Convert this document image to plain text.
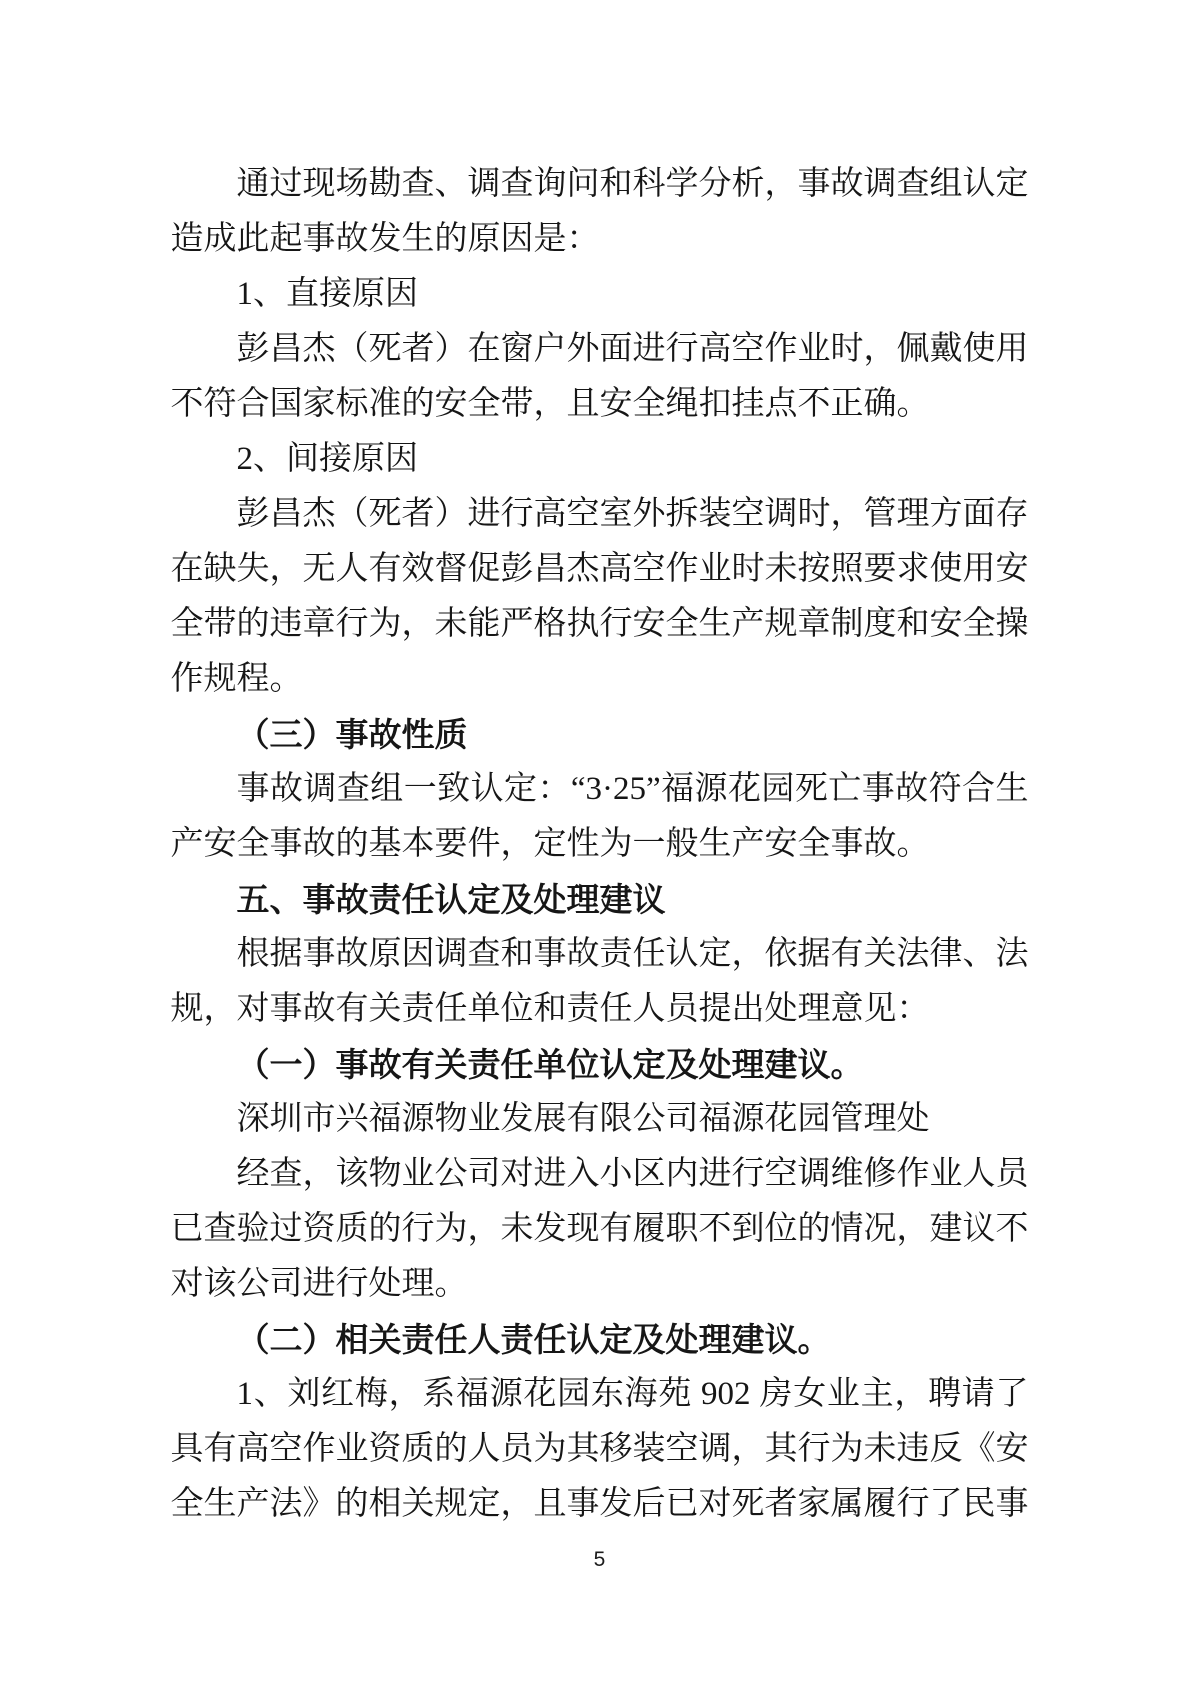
通过现场勘查、调查询问和科学分析，事故调查组认定造成此起事故发生的原因是：

1、直接原因

彭昌杰（死者）在窗户外面进行高空作业时，佩戴使用不符合国家标准的安全带，且安全绳扣挂点不正确。

2、间接原因

彭昌杰（死者）进行高空室外拆装空调时，管理方面存在缺失，无人有效督促彭昌杰高空作业时未按照要求使用安全带的违章行为，未能严格执行安全生产规章制度和安全操作规程。

（三）事故性质

事故调查组一致认定：“3·25”福源花园死亡事故符合生产安全事故的基本要件，定性为一般生产安全事故。

五、事故责任认定及处理建议

根据事故原因调查和事故责任认定，依据有关法律、法规，对事故有关责任单位和责任人员提出处理意见：

（一）事故有关责任单位认定及处理建议。

深圳市兴福源物业发展有限公司福源花园管理处

经查，该物业公司对进入小区内进行空调维修作业人员已查验过资质的行为，未发现有履职不到位的情况，建议不对该公司进行处理。

（二）相关责任人责任认定及处理建议。

1、刘红梅，系福源花园东海苑 902 房女业主，聘请了具有高空作业资质的人员为其移装空调，其行为未违反《安全生产法》的相关规定，且事发后已对死者家属履行了民事

5
